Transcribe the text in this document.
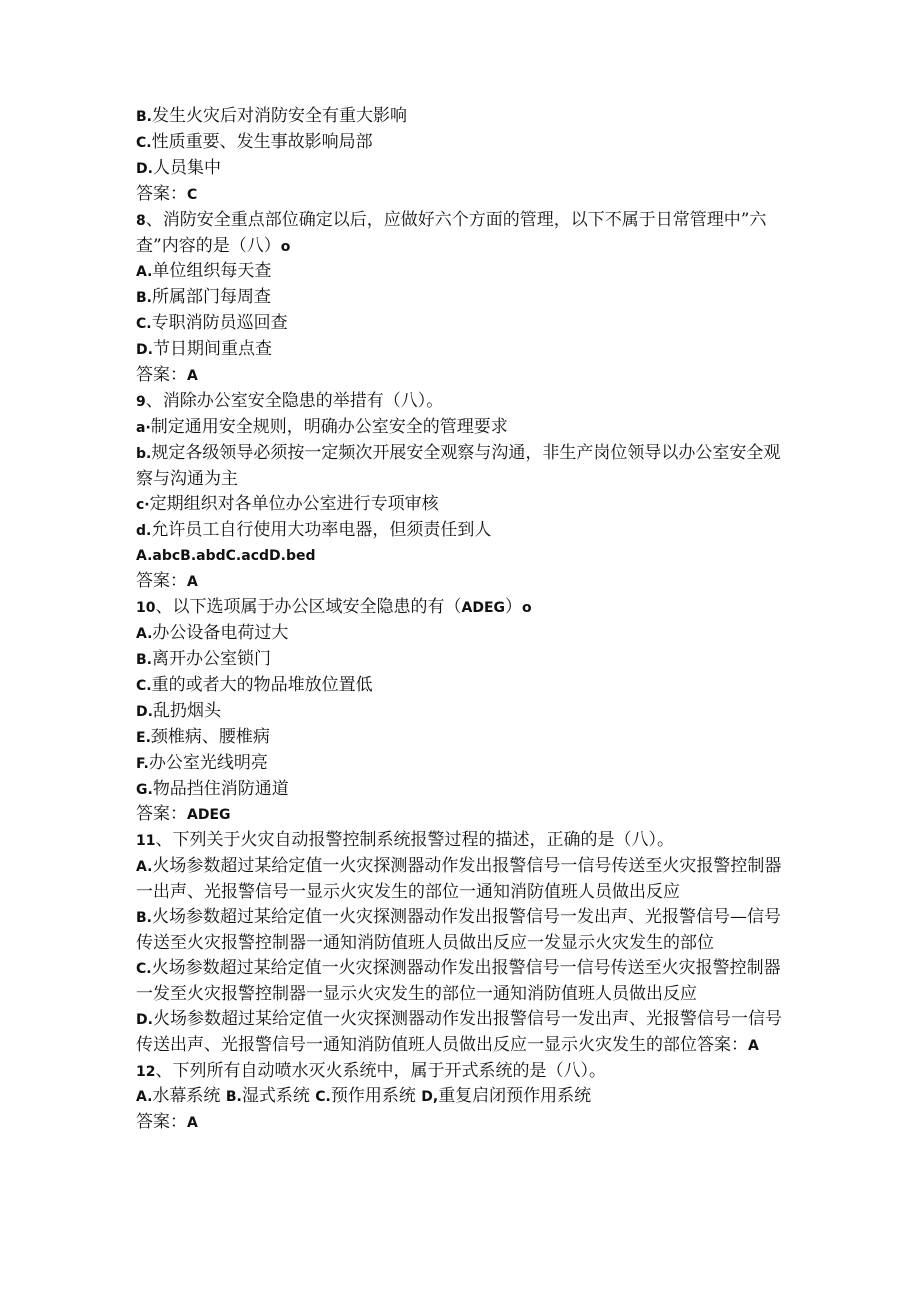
B.发生火灾后对消防安全有重大影响

C.性质重要、发生事故影响局部

D.人员集中

答案：C

8、消防安全重点部位确定以后，应做好六个方面的管理，以下不属于日常管理中”六查”内容的是（八）o

A.单位组织每天查

B.所属部门每周查

C.专职消防员巡回查

D.节日期间重点查

答案：A

9、消除办公室安全隐患的举措有（八）。

a·制定通用安全规则，明确办公室安全的管理要求

b.规定各级领导必须按一定频次开展安全观察与沟通，非生产岗位领导以办公室安全观察与沟通为主

c·定期组织对各单位办公室进行专项审核

d.允许员工自行使用大功率电器，但须责任到人

A.abcB.abdC.acdD.bed

答案：A

10、以下选项属于办公区域安全隐患的有（ADEG）o

A.办公设备电荷过大

B.离开办公室锁门

C.重的或者大的物品堆放位置低

D.乱扔烟头

E.颈椎病、腰椎病

F.办公室光线明亮

G.物品挡住消防通道

答案：ADEG

11、下列关于火灾自动报警控制系统报警过程的描述，正确的是（八）。

A.火场参数超过某给定值一火灾探测器动作发出报警信号一信号传送至火灾报警控制器一出声、光报警信号一显示火灾发生的部位一通知消防值班人员做出反应

B.火场参数超过某给定值一火灾探测器动作发出报警信号一发出声、光报警信号—信号传送至火灾报警控制器一通知消防值班人员做出反应一发显示火灾发生的部位

C.火场参数超过某给定值一火灾探测器动作发出报警信号一信号传送至火灾报警控制器一发至火灾报警控制器一显示火灾发生的部位一通知消防值班人员做出反应

D.火场参数超过某给定值一火灾探测器动作发出报警信号一发出声、光报警信号一信号传送出声、光报警信号一通知消防值班人员做出反应一显示火灾发生的部位答案：A

12、下列所有自动喷水灭火系统中，属于开式系统的是（八）。

A.水幕系统 B.湿式系统 C.预作用系统 D,重复启闭预作用系统

答案：A
